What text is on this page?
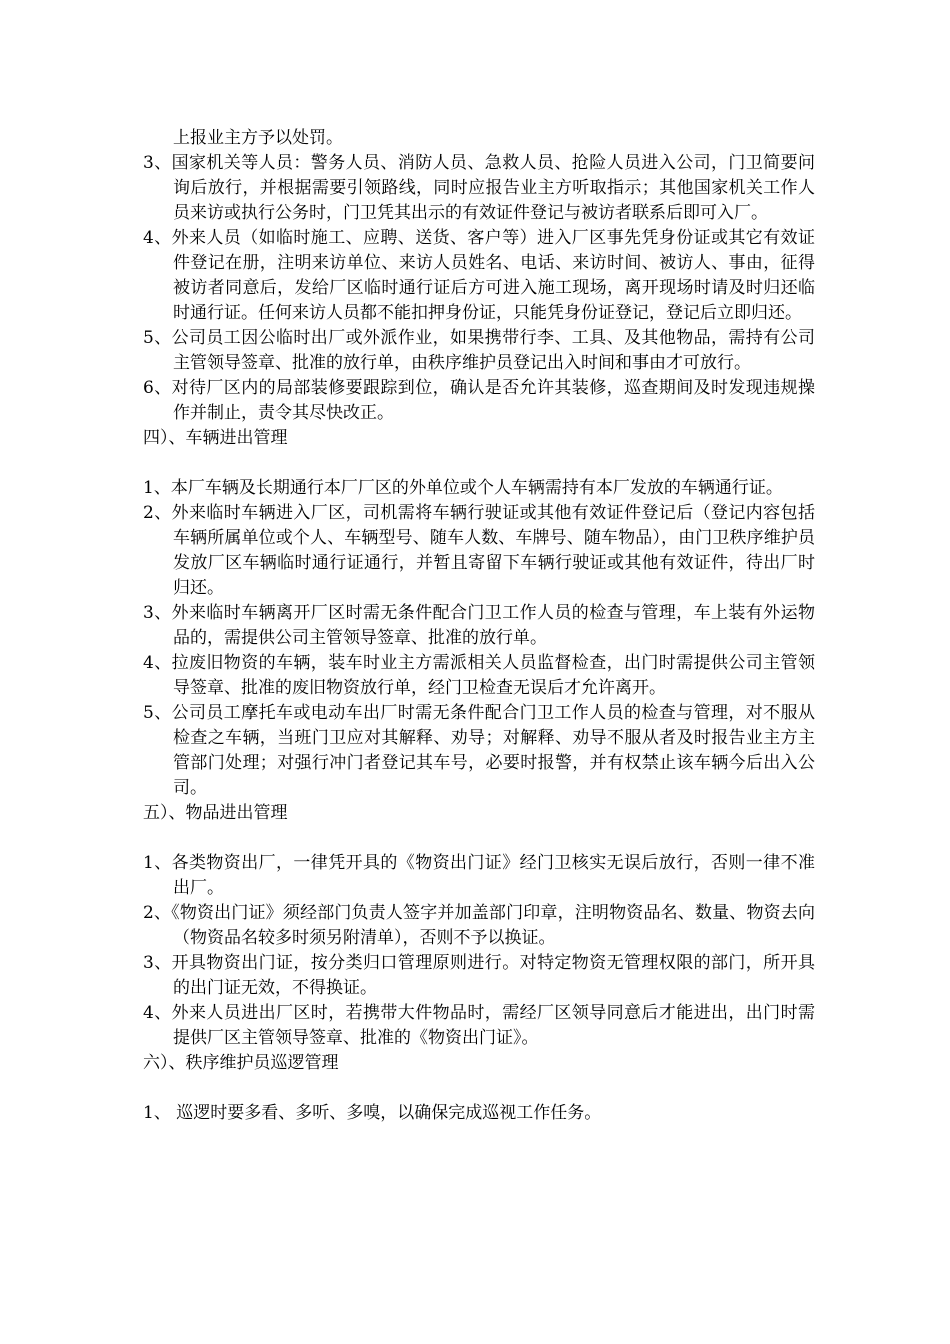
上报业主方予以处罚。

3、国家机关等人员：警务人员、消防人员、急救人员、抢险人员进入公司，门卫简要问询后放行，并根据需要引领路线，同时应报告业主方听取指示；其他国家机关工作人员来访或执行公务时，门卫凭其出示的有效证件登记与被访者联系后即可入厂。

4、外来人员（如临时施工、应聘、送货、客户等）进入厂区事先凭身份证或其它有效证件登记在册，注明来访单位、来访人员姓名、电话、来访时间、被访人、事由，征得被访者同意后，发给厂区临时通行证后方可进入施工现场，离开现场时请及时归还临时通行证。任何来访人员都不能扣押身份证，只能凭身份证登记，登记后立即归还。

5、公司员工因公临时出厂或外派作业，如果携带行李、工具、及其他物品，需持有公司主管领导签章、批准的放行单，由秩序维护员登记出入时间和事由才可放行。

6、对待厂区内的局部装修要跟踪到位，确认是否允许其装修，巡查期间及时发现违规操作并制止，责令其尽快改正。

四）、车辆进出管理

1、本厂车辆及长期通行本厂厂区的外单位或个人车辆需持有本厂发放的车辆通行证。

2、外来临时车辆进入厂区，司机需将车辆行驶证或其他有效证件登记后（登记内容包括车辆所属单位或个人、车辆型号、随车人数、车牌号、随车物品），由门卫秩序维护员发放厂区车辆临时通行证通行，并暂且寄留下车辆行驶证或其他有效证件，待出厂时归还。

3、外来临时车辆离开厂区时需无条件配合门卫工作人员的检查与管理，车上装有外运物品的，需提供公司主管领导签章、批准的放行单。

4、拉废旧物资的车辆，装车时业主方需派相关人员监督检查，出门时需提供公司主管领导签章、批准的废旧物资放行单，经门卫检查无误后才允许离开。

5、公司员工摩托车或电动车出厂时需无条件配合门卫工作人员的检查与管理，对不服从检查之车辆，当班门卫应对其解释、劝导；对解释、劝导不服从者及时报告业主方主管部门处理；对强行冲门者登记其车号，必要时报警，并有权禁止该车辆今后出入公司。

五）、物品进出管理

1、各类物资出厂，一律凭开具的《物资出门证》经门卫核实无误后放行，否则一律不准出厂。

2、《物资出门证》须经部门负责人签字并加盖部门印章，注明物资品名、数量、物资去向（物资品名较多时须另附清单），否则不予以换证。

3、开具物资出门证，按分类归口管理原则进行。对特定物资无管理权限的部门，所开具的出门证无效，不得换证。

4、外来人员进出厂区时，若携带大件物品时，需经厂区领导同意后才能进出，出门时需提供厂区主管领导签章、批准的《物资出门证》。

六）、秩序维护员巡逻管理

1、 巡逻时要多看、多听、多嗅，以确保完成巡视工作任务。
